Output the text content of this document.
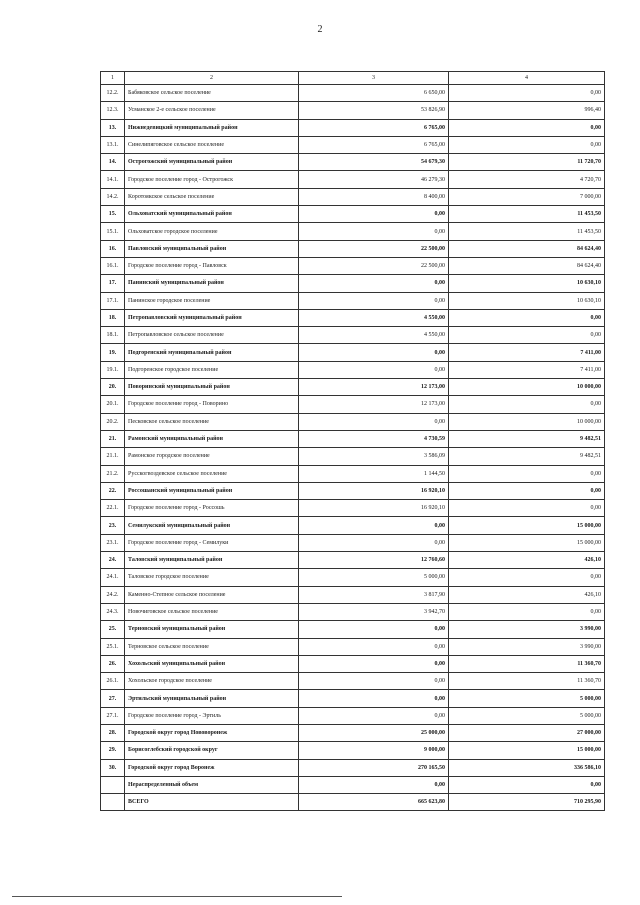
2
1	2	3	4
12.2.	Бабяковское сельское поселение	6 650,00	0,00
12.3.	Усманское 2-е сельское поселение	53 826,90	996,40
13.	Нижнедевицкий муниципальный район	6 765,00	0,00
13.1.	Синелипяговское сельское поселение	6 765,00	0,00
14.	Острогожский муниципальный район	54 679,30	11 720,70
14.1.	Городское поселение город - Острогожск	46 279,30	4 720,70
14.2.	Коротоякское сельское поселение	8 400,00	7 000,00
15.	Ольховатский муниципальный район	0,00	11 453,50
15.1.	Ольховатское городское поселение	0,00	11 453,50
16.	Павловский муниципальный район	22 500,00	84 624,40
16.1.	Городское поселение город - Павловск	22 500,00	84 624,40
17.	Панинский муниципальный район	0,00	10 630,10
17.1.	Панинское городское поселение	0,00	10 630,10
18.	Петропавловский муниципальный район	4 550,00	0,00
18.1.	Петропавловское сельское поселение	4 550,00	0,00
19.	Подгоренский муниципальный район	0,00	7 411,00
19.1.	Подгоренское городское поселение	0,00	7 411,00
20.	Поворинский муниципальный район	12 173,00	10 000,00
20.1.	Городское поселение город - Поворино	12 173,00	0,00
20.2.	Песковское сельское поселение	0,00	10 000,00
21.	Рамонский муниципальный район	4 730,59	9 482,51
21.1.	Рамонское городское поселение	3 586,09	9 482,51
21.2.	Русскогвоздевское сельское поселение	1 144,50	0,00
22.	Россошанский муниципальный район	16 920,10	0,00
22.1.	Городское поселение город - Россошь	16 920,10	0,00
23.	Семилукский муниципальный район	0,00	15 000,00
23.1.	Городское поселение город - Семилуки	0,00	15 000,00
24.	Таловский муниципальный район	12 760,60	426,10
24.1.	Таловское городское поселение	5 000,00	0,00
24.2.	Каменно-Степное сельское поселение	3 817,90	426,10
24.3.	Новочиговское сельское поселение	3 942,70	0,00
25.	Терновский муниципальный район	0,00	3 990,00
25.1.	Терновское сельское поселение	0,00	3 990,00
26.	Хохольский муниципальный район	0,00	11 360,70
26.1.	Хохольское городское поселение	0,00	11 360,70
27.	Эртильский муниципальный район	0,00	5 000,00
27.1.	Городское поселение город - Эртиль	0,00	5 000,00
28.	Городской округ город Нововоронеж	25 000,00	27 000,00
29.	Борисоглебский городской округ	9 000,00	15 000,00
30.	Городской округ город Воронеж	270 165,50	336 586,10
	Нераспределенный объем	0,00	0,00
	ВСЕГО	665 623,80	710 295,90
